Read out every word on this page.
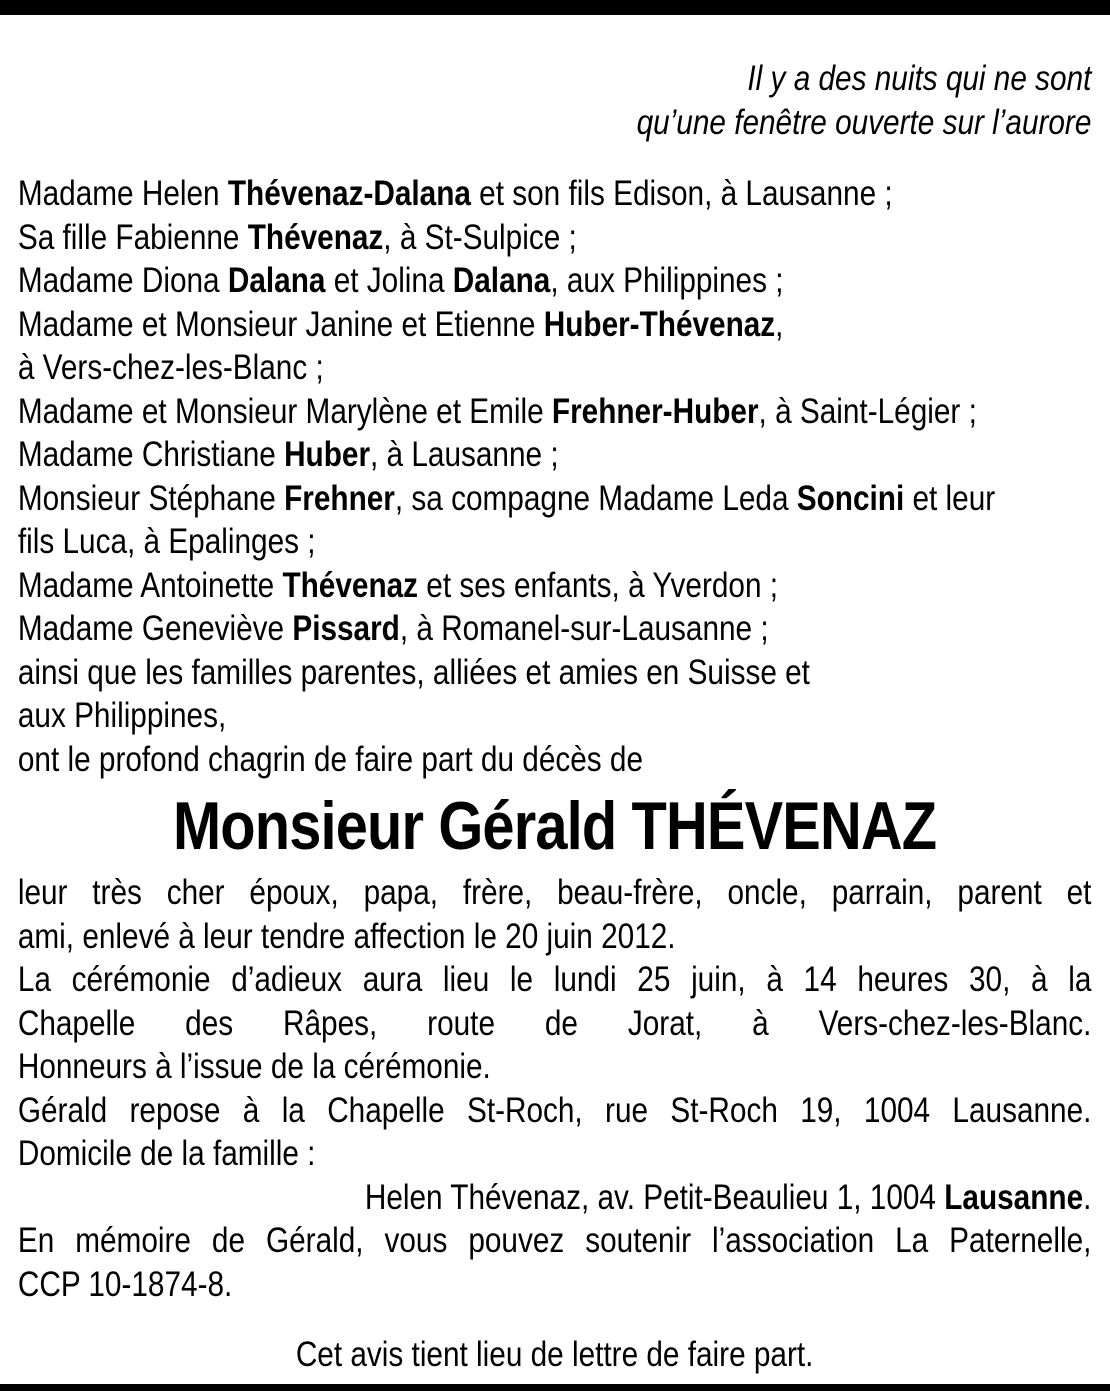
Il y a des nuits qui ne sont
qu’une fenêtre ouverte sur l’aurore
Madame Helen Thévenaz-Dalana et son fils Edison, à Lausanne ;
Sa fille Fabienne Thévenaz, à St-Sulpice ;
Madame Diona Dalana et Jolina Dalana, aux Philippines ;
Madame et Monsieur Janine et Etienne Huber-Thévenaz,
à Vers-chez-les-Blanc ;
Madame et Monsieur Marylène et Emile Frehner-Huber, à Saint-Légier ;
Madame Christiane Huber, à Lausanne ;
Monsieur Stéphane Frehner, sa compagne Madame Leda Soncini et leur
fils Luca, à Epalinges ;
Madame Antoinette Thévenaz et ses enfants, à Yverdon ;
Madame Geneviève Pissard, à Romanel-sur-Lausanne ;
ainsi que les familles parentes, alliées et amies en Suisse et
aux Philippines,
ont le profond chagrin de faire part du décès de
Monsieur Gérald THÉVENAZ
leur très cher époux, papa, frère, beau-frère, oncle, parrain, parent et
ami, enlevé à leur tendre affection le 20 juin 2012.
La cérémonie d’adieux aura lieu le lundi 25 juin, à 14 heures 30, à la
Chapelle des Râpes, route de Jorat, à Vers-chez-les-Blanc.
Honneurs à l’issue de la cérémonie.
Gérald repose à la Chapelle St-Roch, rue St-Roch 19, 1004 Lausanne.
Domicile de la famille :
Helen Thévenaz, av. Petit-Beaulieu 1, 1004 Lausanne.
En mémoire de Gérald, vous pouvez soutenir l’association La Paternelle,
CCP 10-1874-8.
Cet avis tient lieu de lettre de faire part.
